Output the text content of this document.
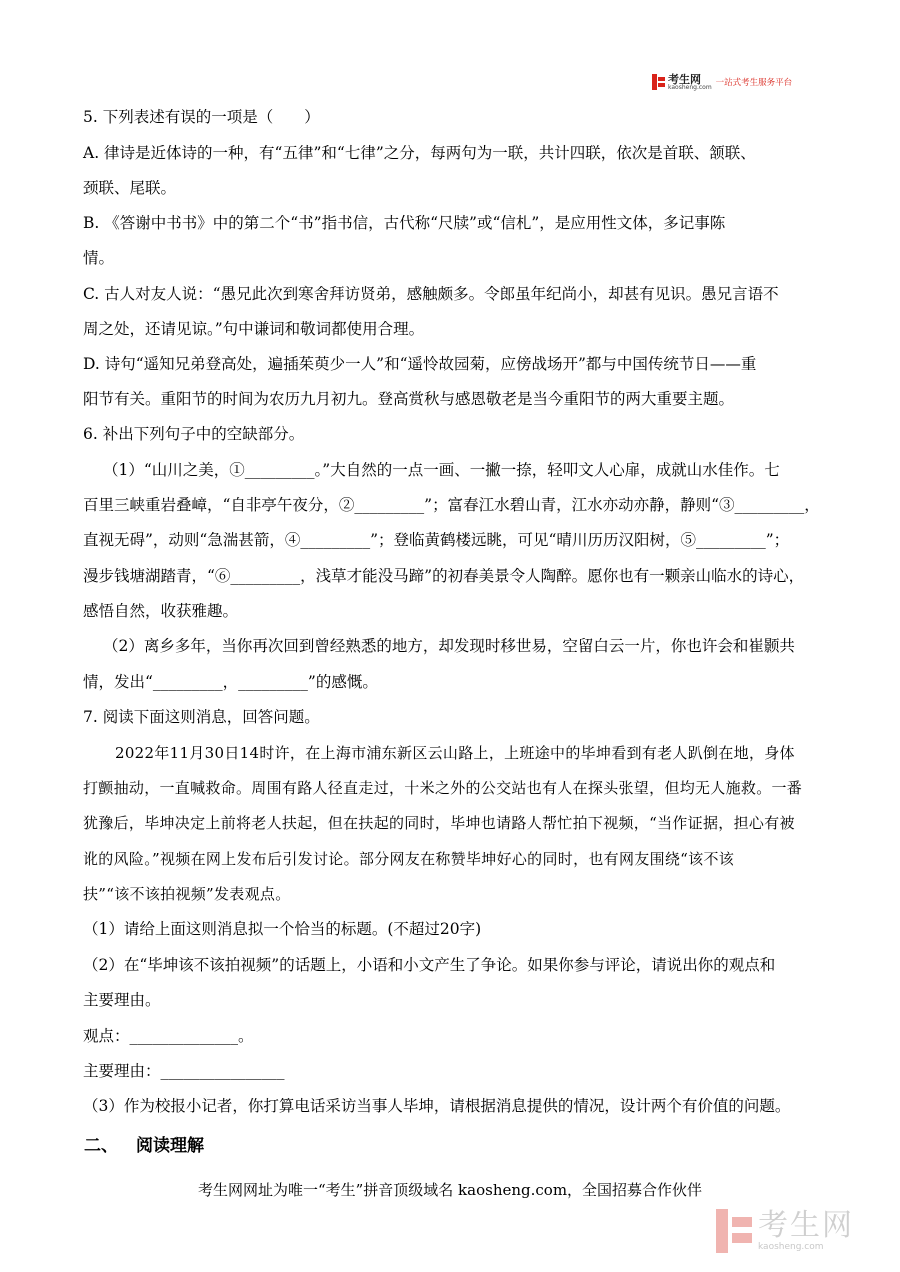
考生网
kaosheng.com 一站式考生服务平台
5. 下列表述有误的一项是（　　）
A. 律诗是近体诗的一种，有“五律”和“七律”之分，每两句为一联，共计四联，依次是首联、颔联、
颈联、尾联。
B. 《答谢中书书》中的第二个“书”指书信，古代称“尺牍”或“信札”，是应用性文体，多记事陈
情。
C. 古人对友人说：“愚兄此次到寒舍拜访贤弟，感触颇多。令郎虽年纪尚小，却甚有见识。愚兄言语不
周之处，还请见谅。”句中谦词和敬词都使用合理。
D. 诗句“遥知兄弟登高处，遍插茱萸少一人”和“遥怜故园菊，应傍战场开”都与中国传统节日——重
阳节有关。重阳节的时间为农历九月初九。登高赏秋与感恩敬老是当今重阳节的两大重要主题。
6. 补出下列句子中的空缺部分。
（1）“山川之美，①_________。”大自然的一点一画、一撇一捺，轻叩文人心扉，成就山水佳作。七
百里三峡重岩叠嶂，“自非亭午夜分，②_________”；富春江水碧山青，江水亦动亦静，静则“③_________，
直视无碍”，动则“急湍甚箭，④_________”；登临黄鹤楼远眺，可见“晴川历历汉阳树，⑤_________”；
漫步钱塘湖踏青，“⑥_________，浅草才能没马蹄”的初春美景令人陶醉。愿你也有一颗亲山临水的诗心，
感悟自然，收获雅趣。
（2）离乡多年，当你再次回到曾经熟悉的地方，却发现时移世易，空留白云一片，你也许会和崔颢共
情，发出“_________，_________”的感慨。
7. 阅读下面这则消息，回答问题。
2022年11月30日14时许，在上海市浦东新区云山路上，上班途中的毕坤看到有老人趴倒在地，身体
打颤抽动，一直喊救命。周围有路人径直走过，十米之外的公交站也有人在探头张望，但均无人施救。一番
犹豫后，毕坤决定上前将老人扶起，但在扶起的同时，毕坤也请路人帮忙拍下视频，“当作证据，担心有被
讹的风险。”视频在网上发布后引发讨论。部分网友在称赞毕坤好心的同时，也有网友围绕“该不该
扶”“该不该拍视频”发表观点。
（1）请给上面这则消息拟一个恰当的标题。(不超过20字)
（2）在“毕坤该不该拍视频”的话题上，小语和小文产生了争论。如果你参与评论，请说出你的观点和
主要理由。
观点：______________。
主要理由：________________
（3）作为校报小记者，你打算电话采访当事人毕坤，请根据消息提供的情况，设计两个有价值的问题。
二、 阅读理解
考生网网址为唯一“考生”拼音顶级域名 kaosheng.com，全国招募合作伙伴
考生网
kaosheng.com
